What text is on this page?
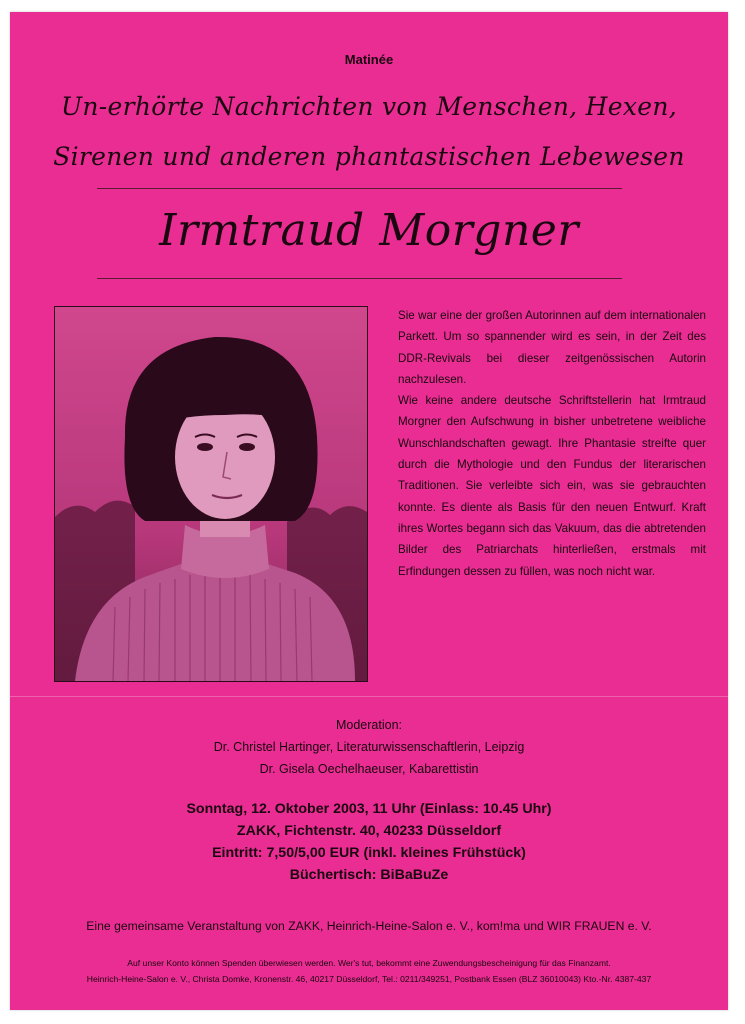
Matinée
Un-erhörte Nachrichten von Menschen, Hexen,
Sirenen und anderen phantastischen Lebewesen
Irmtraud Morgner

Sie war eine der großen Autorinnen auf dem internationalen Parkett. Um so spannender wird es sein, in der Zeit des DDR-Revivals bei dieser zeitgenössischen Autorin nachzulesen.

Wie keine andere deutsche Schriftstellerin hat Irmtraud Morgner den Aufschwung in bisher unbetretene weibliche Wunschlandschaften gewagt. Ihre Phantasie streifte quer durch die Mythologie und den Fundus der literarischen Traditionen. Sie verleibte sich ein, was sie gebrauchten konnte. Es diente als Basis für den neuen Entwurf. Kraft ihres Wortes begann sich das Vakuum, das die abtretenden Bilder des Patriarchats hinterließen, erstmals mit Erfindungen dessen zu füllen, was noch nicht war.

Moderation:
Dr. Christel Hartinger, Literaturwissenschaftlerin, Leipzig
Dr. Gisela Oechelhaeuser, Kabarettistin
Sonntag, 12. Oktober 2003, 11 Uhr (Einlass: 10.45 Uhr)
ZAKK, Fichtenstr. 40, 40233 Düsseldorf
Eintritt: 7,50/5,00 EUR (inkl. kleines Frühstück)
Büchertisch: BiBaBuZe
Eine gemeinsame Veranstaltung von ZAKK, Heinrich-Heine-Salon e. V., kom!ma und WIR FRAUEN e. V.
Auf unser Konto können Spenden überwiesen werden. Wer's tut, bekommt eine Zuwendungsbescheinigung für das Finanzamt.
Heinrich-Heine-Salon e. V., Christa Domke, Kronenstr. 46, 40217 Düsseldorf, Tel.: 0211/349251, Postbank Essen (BLZ 36010043) Kto.-Nr. 4387-437
